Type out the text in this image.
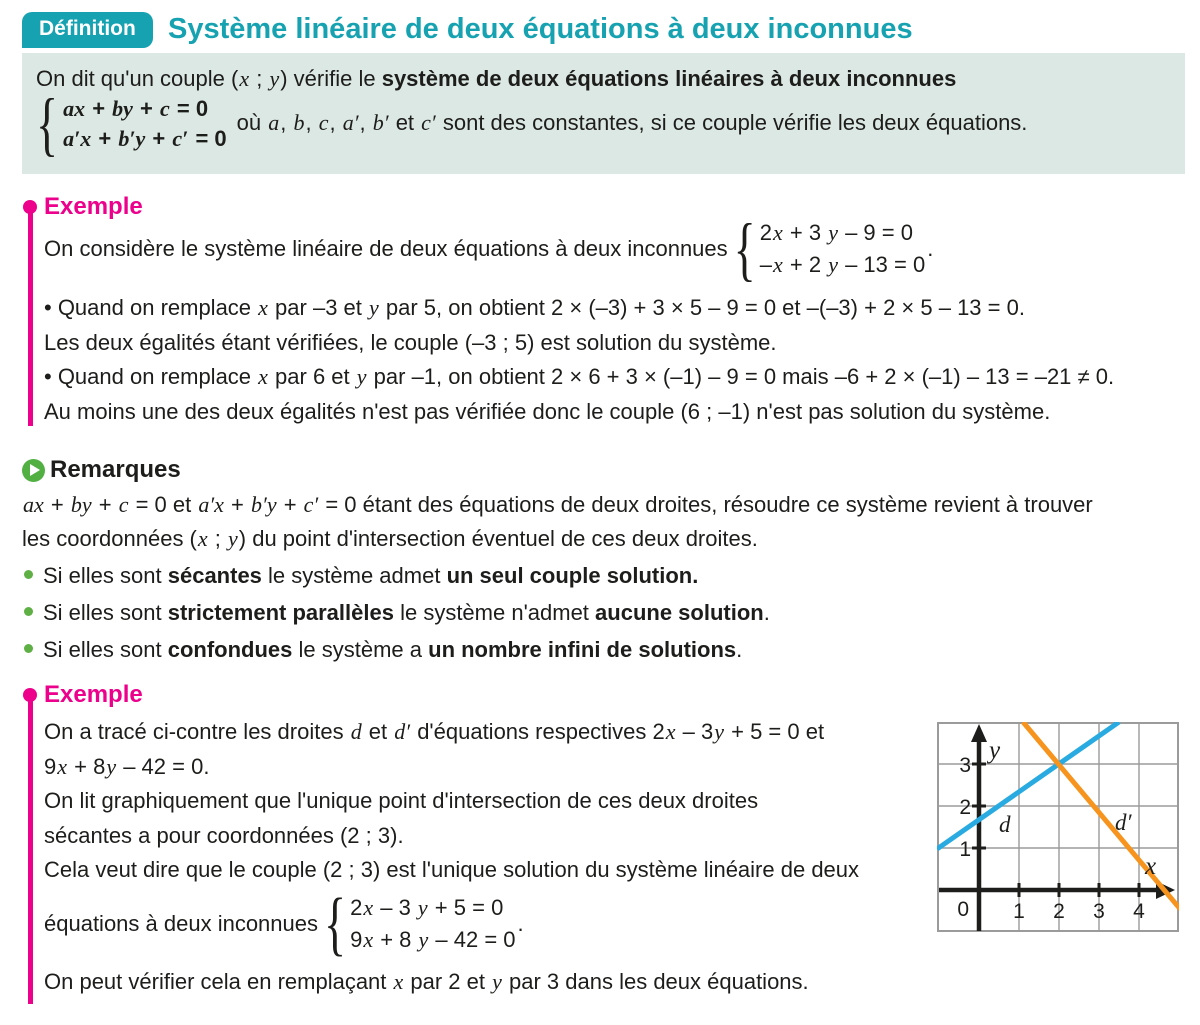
Définition	Système linéaire de deux équations à deux inconnues
On dit qu'un couple (x ; y) vérifie le système de deux équations linéaires à deux inconnues
{ ax + by + c = 0
a′x + b′y + c′ = 0
où a, b, c, a′, b′ et c′ sont des constantes, si ce couple vérifie les deux équations.
Exemple
On considère le système linéaire de deux équations à deux inconnues { 2x + 3 y – 9 = 0
–x + 2 y – 13 = 0
.
• Quand on remplace x par –3 et y par 5, on obtient 2 × (–3) + 3 × 5 – 9 = 0 et –(–3) + 2 × 5 – 13 = 0.
Les deux égalités étant vérifiées, le couple (–3 ; 5) est solution du système.
• Quand on remplace x par 6 et y par –1, on obtient 2 × 6 + 3 × (–1) – 9 = 0 mais –6 + 2 × (–1) – 13 = –21 ≠ 0.
Au moins une des deux égalités n'est pas vérifiée donc le couple (6 ; –1) n'est pas solution du système.
Remarques
ax + by + c = 0 et a′x + b′y + c′ = 0 étant des équations de deux droites, résoudre ce système revient à trouver
les coordonnées (x ; y) du point d'intersection éventuel de ces deux droites.
Si elles sont sécantes le système admet un seul couple solution.
Si elles sont strictement parallèles le système n'admet aucune solution.
Si elles sont confondues le système a un nombre infini de solutions.
Exemple
On a tracé ci-contre les droites d et d′ d'équations respectives 2x – 3y + 5 = 0 et
9x + 8y – 42 = 0.
On lit graphiquement que l'unique point d'intersection de ces deux droites
sécantes a pour coordonnées (2 ; 3).
Cela veut dire que le couple (2 ; 3) est l'unique solution du système linéaire de deux
équations à deux inconnues { 2x – 3 y + 5 = 0
9x + 8 y – 42 = 0
.
On peut vérifier cela en remplaçant x par 2 et y par 3 dans les deux équations.
y
x
3
2
1
0 1 2 3 4
d	d′
